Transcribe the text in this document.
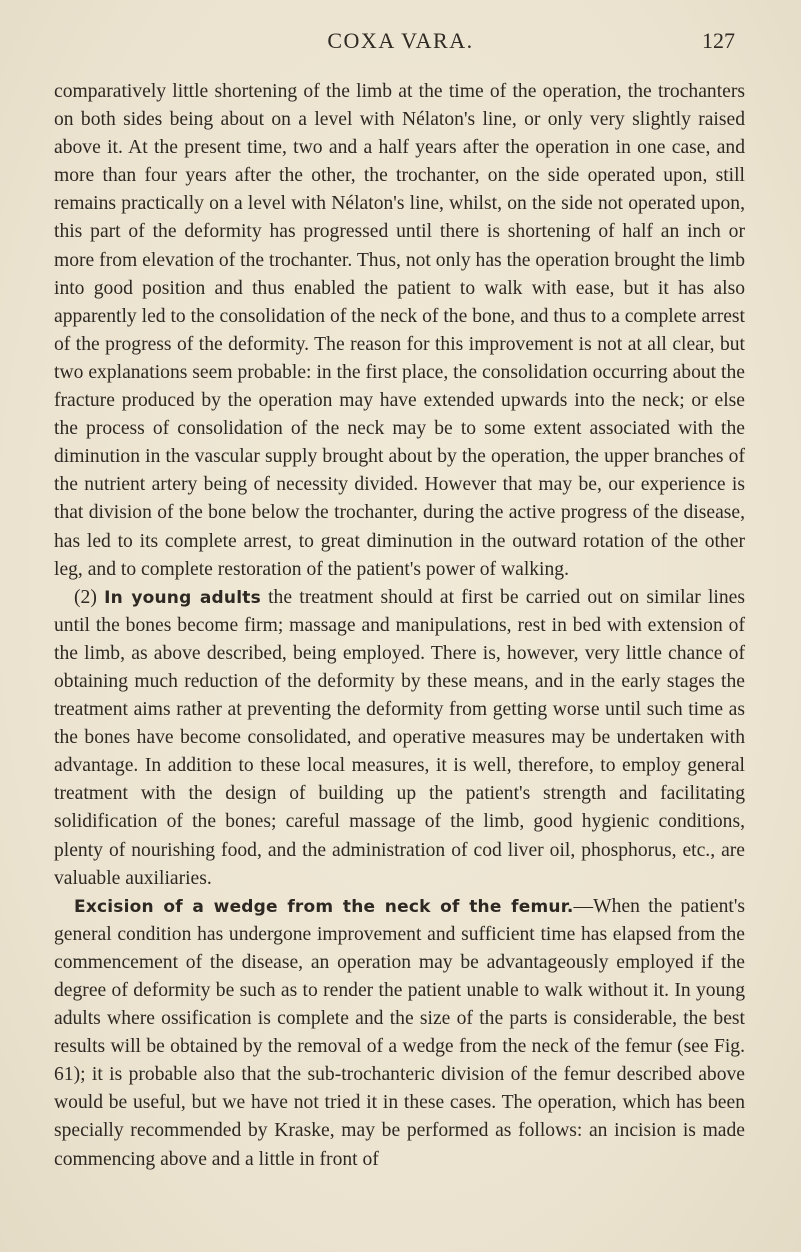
COXA VARA.	127

comparatively little shortening of the limb at the time of the operation, the trochanters on both sides being about on a level with Nélaton's line, or only very slightly raised above it. At the present time, two and a half years after the operation in one case, and more than four years after the other, the trochanter, on the side operated upon, still remains practically on a level with Nélaton's line, whilst, on the side not operated upon, this part of the deformity has progressed until there is shortening of half an inch or more from elevation of the trochanter. Thus, not only has the operation brought the limb into good position and thus enabled the patient to walk with ease, but it has also apparently led to the consolidation of the neck of the bone, and thus to a complete arrest of the progress of the deformity. The reason for this improvement is not at all clear, but two explanations seem probable: in the first place, the consolidation occurring about the fracture produced by the operation may have extended upwards into the neck; or else the process of consolidation of the neck may be to some extent associated with the diminution in the vascular supply brought about by the operation, the upper branches of the nutrient artery being of necessity divided. However that may be, our experience is that division of the bone below the trochanter, during the active progress of the disease, has led to its complete arrest, to great diminution in the outward rotation of the other leg, and to complete restoration of the patient's power of walking.

(2) In young adults the treatment should at first be carried out on similar lines until the bones become firm; massage and manipulations, rest in bed with extension of the limb, as above described, being employed. There is, however, very little chance of obtaining much reduction of the deformity by these means, and in the early stages the treatment aims rather at preventing the deformity from getting worse until such time as the bones have become consolidated, and operative measures may be undertaken with advantage. In addition to these local measures, it is well, therefore, to employ general treatment with the design of building up the patient's strength and facilitating solidification of the bones; careful massage of the limb, good hygienic conditions, plenty of nourishing food, and the administration of cod liver oil, phosphorus, etc., are valuable auxiliaries.

Excision of a wedge from the neck of the femur.—When the patient's general condition has undergone improvement and sufficient time has elapsed from the commencement of the disease, an operation may be advantageously employed if the degree of deformity be such as to render the patient unable to walk without it. In young adults where ossification is complete and the size of the parts is considerable, the best results will be obtained by the removal of a wedge from the neck of the femur (see Fig. 61); it is probable also that the sub-trochanteric division of the femur described above would be useful, but we have not tried it in these cases. The operation, which has been specially recommended by Kraske, may be performed as follows: an incision is made commencing above and a little in front of
